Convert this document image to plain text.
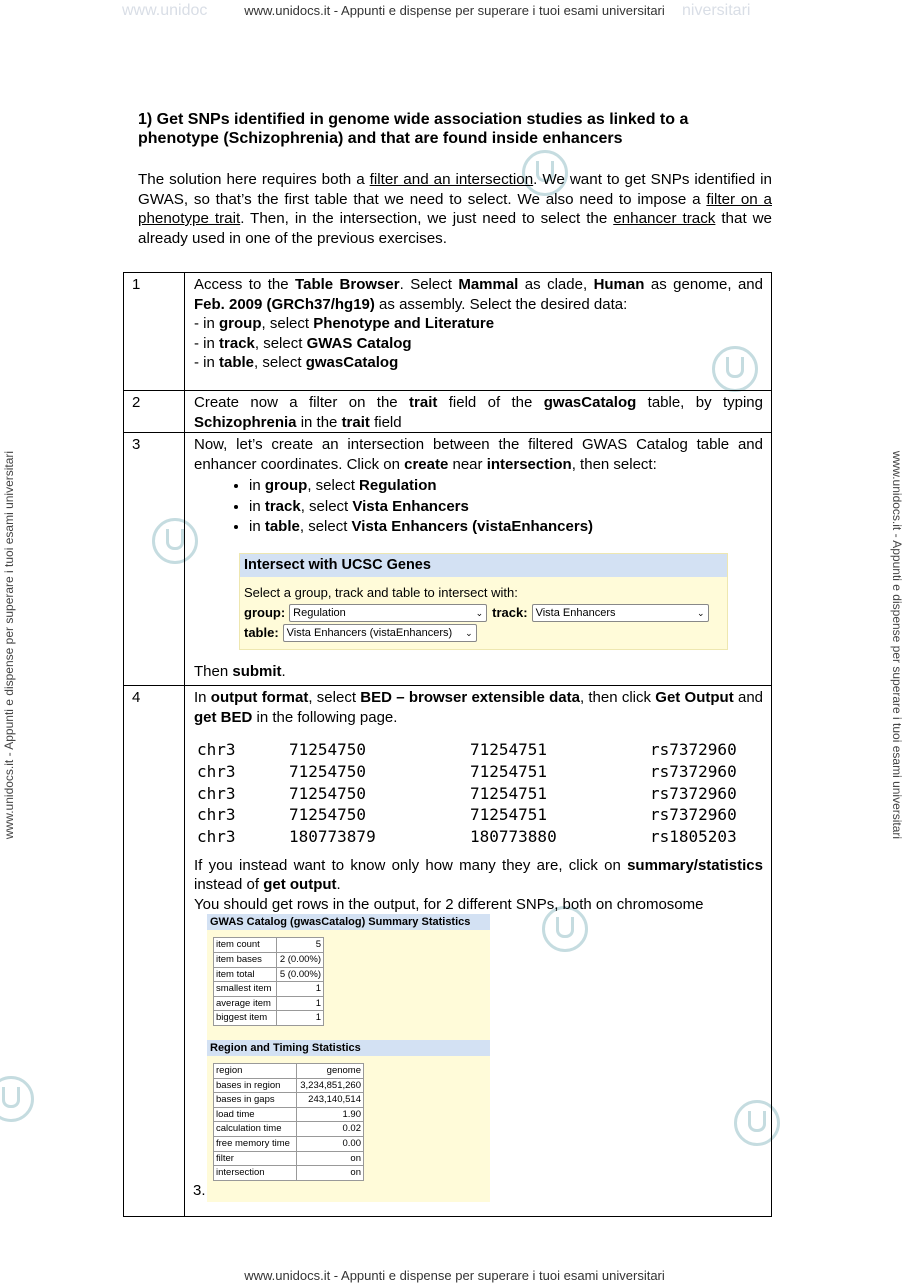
www.unidocs.it - Appunti e dispense per superare i tuoi esami universitari
www.unidocs.it - Appunti e dispense per superare i tuoi esami universitari
www.unidoc	niversitari
www.unidocs.it - Appunti e dispense per superare i tuoi esami universitari	www.unidocs.it - Appunti e dispense per superare i tuoi esami universitari
1) Get SNPs identified in genome wide association studies as linked to a
phenotype (Schizophrenia) and that are found inside enhancers
The solution here requires both a filter and an intersection. We want to get SNPs identified in GWAS, so that’s the first table that we need to select. We also need to impose a filter on a phenotype trait. Then, in the intersection, we just need to select the enhancer track that we already used in one of the previous exercises.
1	Access to the Table Browser. Select Mammal as clade, Human as genome, and Feb. 2009 (GRCh37/hg19) as assembly. Select the desired data:
- in group, select Phenotype and Literature
- in track, select GWAS Catalog
- in table, select gwasCatalog

2	Create now a filter on the trait field of the gwasCatalog table, by typing Schizophrenia in the trait field
3	Now, let’s create an intersection between the filtered GWAS Catalog table and enhancer coordinates. Click on create near intersection, then select:
• in group, select Regulation
• in track, select Vista Enhancers
• in table, select Vista Enhancers (vistaEnhancers)
Intersect with UCSC Genes
Select a group, track and table to intersect with:
group: Regulation	⌄ track: Vista Enhancers	⌄
table: Vista Enhancers (vistaEnhancers) ⌄
Then submit.

4	In output format, select BED – browser extensible data, then click Get Output and get BED in the following page.
chr3	71254750	71254751	rs7372960
chr3	71254750	71254751	rs7372960
chr3	71254750	71254751	rs7372960
chr3	71254750	71254751	rs7372960
chr3	180773879	180773880	rs1805203
If you instead want to know only how many they are, click on summary/statistics instead of get output.
You should get rows in the output, for 2 different SNPs, both on chromosome
GWAS Catalog (gwasCatalog) Summary Statistics
item count	5
item bases	2 (0.00%)
item total	5 (0.00%)
smallest item	1
average item	1
biggest item	1
Region and Timing Statistics
region	genome
bases in region	3,234,851,260
bases in gaps	243,140,514
load time	1.90
calculation time	0.02
free memory time	0.00
filter	on
intersection	on
3.
